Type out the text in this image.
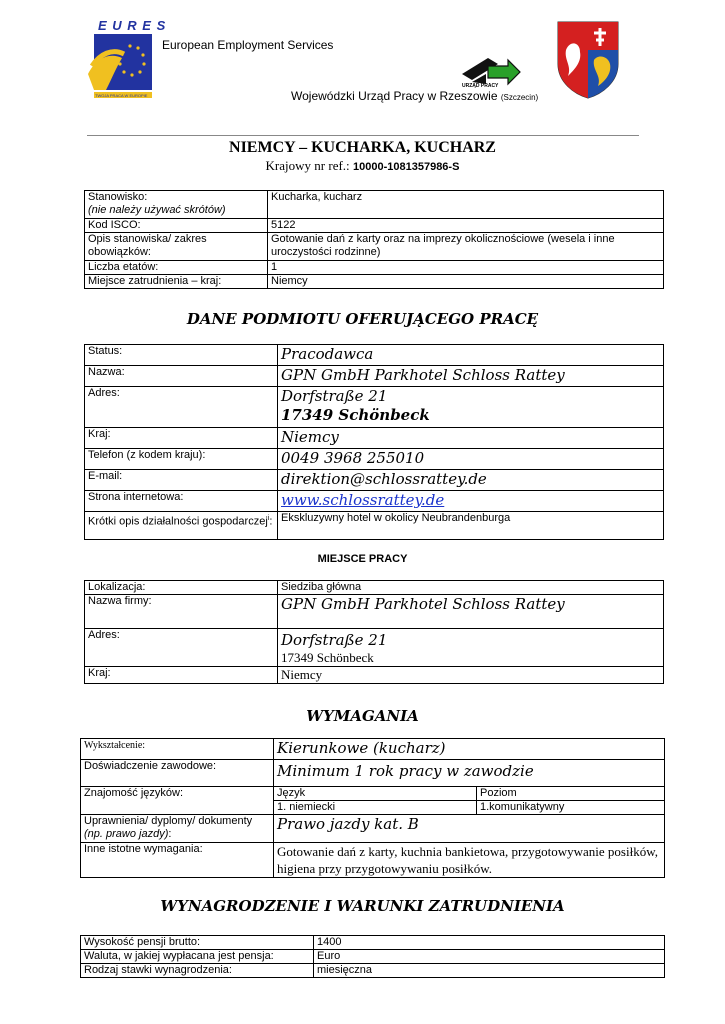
E U R E S
TWOJA PRACA W EUROPIE
European Employment Services
URZĄD PRACY
Wojewódzki Urząd Pracy w Rzeszowie (Szczecin)
NIEMCY – KUCHARKA, KUCHARZ
Krajowy nr ref.: 10000-1081357986-S
Stanowisko:
(nie należy używać skrótów)	Kucharka, kucharz
Kod ISCO:	5122
Opis stanowiska/ zakres obowiązków:	Gotowanie dań z karty oraz na imprezy okolicznościowe (wesela i inne uroczystości rodzinne)
Liczba etatów:	1
Miejsce zatrudnienia – kraj:	Niemcy
DANE PODMIOTU OFERUJĄCEGO PRACĘ
Status:	Pracodawca
Nazwa:	GPN GmbH Parkhotel Schloss Rattey
Adres:	Dorfstraße 21
17349 Schönbeck

Kraj:	Niemcy
Telefon (z kodem kraju):	0049 3968 255010
E-mail:	direktion@schlossrattey.de
Strona internetowa:	www.schlossrattey.de
Krótki opis działalności gospodarczej$^i$:	Ekskluzywny hotel w okolicy Neubrandenburga
MIEJSCE PRACY
Lokalizacja:	Siedziba główna
Nazwa firmy:	GPN GmbH Parkhotel Schloss Rattey
Adres:	Dorfstraße 21
17349 Schönbeck

Kraj:	Niemcy
WYMAGANIA
Wykształcenie:	Kierunkowe (kucharz)	
Doświadczenie zawodowe:	Minimum 1 rok pracy w zawodzie	
Znajomość języków:	Język	Poziom
	1. niemiecki	1.komunikatywny

Uprawnienia/ dyplomy/ dokumenty
(np. prawo jazdy):	Prawo jazdy kat. B	
Inne istotne wymagania:	Gotowanie dań z karty, kuchnia bankietowa, przygotowywanie posiłków, higiena przy przygotowywaniu posiłków.	
WYNAGRODZENIE I WARUNKI ZATRUDNIENIA
Wysokość pensji brutto:	1400
Waluta, w jakiej wypłacana jest pensja:	Euro
Rodzaj stawki wynagrodzenia:	miesięczna
